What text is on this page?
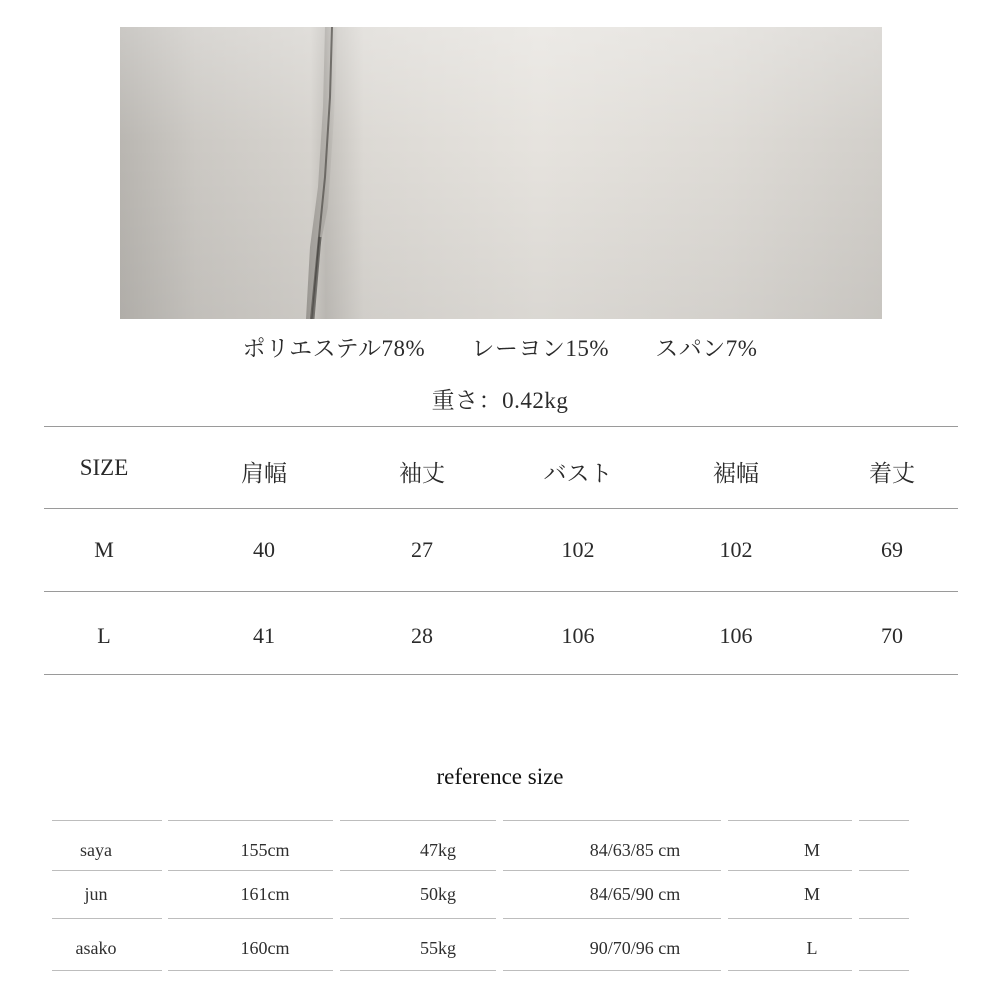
ポリエステル78% レーヨン15% スパン7%
重さ：0.42kg
SIZE	肩幅	袖丈	バスト	裾幅	着丈
M	40	27	102	102	69
L	41	28	106	106	70
reference size
saya	155cm	47kg	84/63/85 cm	M
jun	161cm	50kg	84/65/90 cm	M
asako	160cm	55kg	90/70/96 cm	L
